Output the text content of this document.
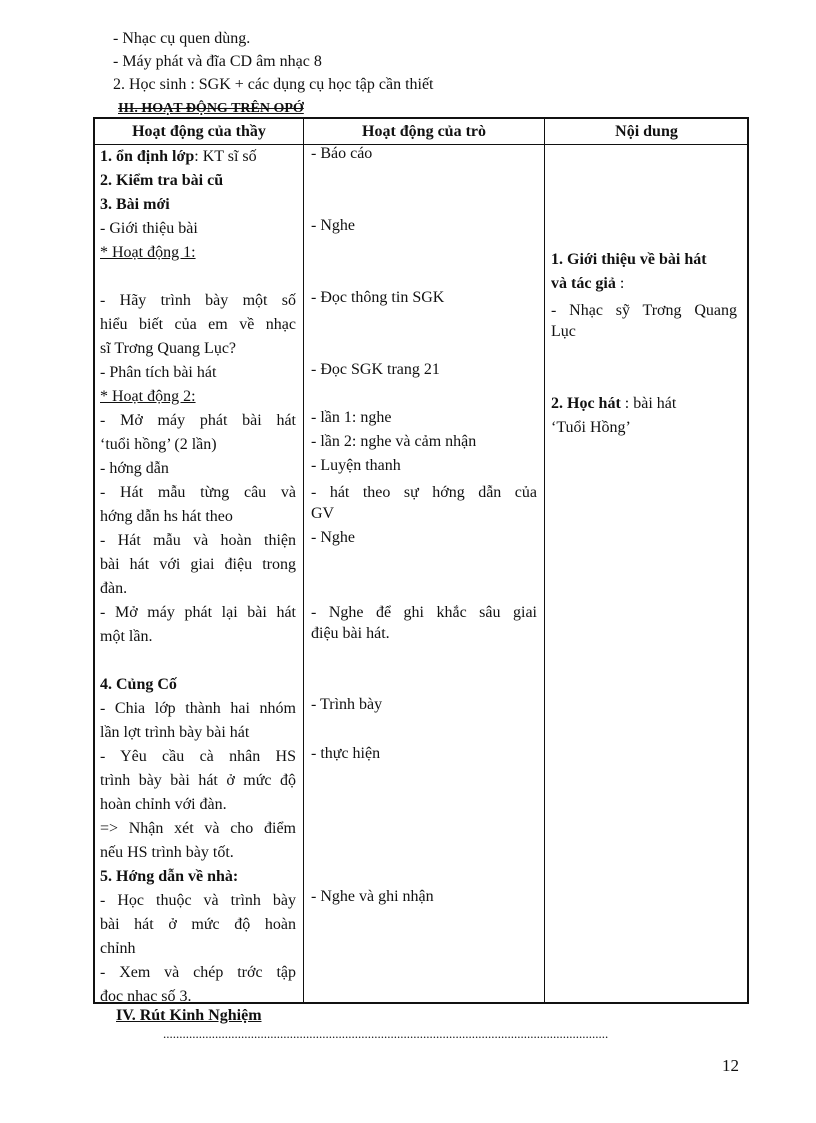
- Nhạc cụ quen dùng.
- Máy phát và đĩa CD âm nhạc 8
2. Học sinh : SGK + các dụng cụ học tập cần thiết
III. HOẠT ĐỘNG TRÊN OPỚ
Hoạt động của thầy	Hoạt động của trò	Nội dung

1. ổn định lớp: KT sĩ số

2. Kiểm tra bài cũ

3. Bài mới

- Giới thiệu bài

* Hoạt động 1:

- Hãy trình bày một số

hiểu biết của em về nhạc

sĩ Trơng Quang Lục?

- Phân tích bài hát

* Hoạt động 2:

- Mở máy phát bài hát

‘tuổi hồng’ (2 lần)

- hớng dẫn

- Hát mẫu từng câu và

hớng dẫn hs hát theo

- Hát mẫu và hoàn thiện

bài hát với giai điệu trong

đàn.

- Mở máy phát lại bài hát

một lần.

4. Củng Cố

- Chia lớp thành hai nhóm

lần lợt trình bày bài hát

- Yêu cầu cà nhân HS

trình bày bài hát ở mức độ

hoàn chỉnh với đàn.

=> Nhận xét và cho điểm

nếu HS trình bày tốt.

5. Hớng dẫn về nhà:

- Học thuộc và trình bày

bài hát ở mức độ hoàn

chỉnh

- Xem và chép trớc tập

đọc nhạc số 3.

- Báo cáo
- Nghe
- Đọc thông tin SGK
- Đọc SGK trang 21
- lần 1: nghe
- lần 2: nghe và cảm nhận
- Luyện thanh

- hát theo sự hớng dẫn của

GV
- Nghe

- Nghe để ghi khắc sâu giai

điệu bài hát.
- Trình bày
- thực hiện
- Nghe và ghi nhận
1. Giới thiệu về bài hát
và tác giả :

- Nhạc sỹ Trơng Quang

Lục
2. Học hát : bài hát
‘Tuổi Hồng’
IV. Rút Kinh Nghiệm
.........................................................................................................................................
12
